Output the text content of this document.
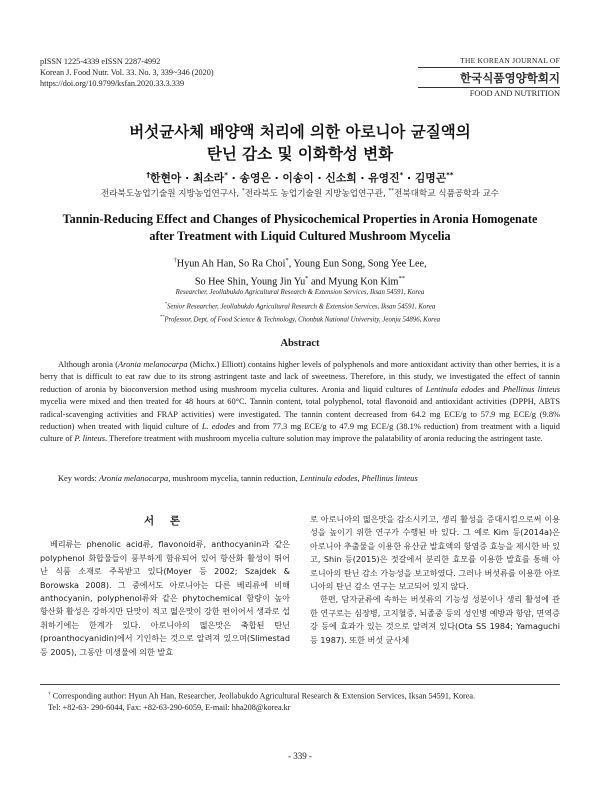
pISSN 1225-4339 eISSN 2287-4992
Korean J. Food Nutr. Vol. 33. No. 3, 339~346 (2020)
https://doi.org/10.9799/ksfan.2020.33.3.339
THE KOREAN JOURNAL OF
한국식품영양학회지
FOOD AND NUTRITION
버섯균사체 배양액 처리에 의한 아로니아 균질액의
탄닌 감소 및 이화학성 변화
†한현아 · 최소라* · 송영은 · 이송이 · 신소희 · 유영진* · 김명곤**
전라북도농업기술원 지방농업연구사, *전라북도 농업기술원 지방농업연구관, **전북대학교 식품공학과 교수
Tannin-Reducing Effect and Changes of Physicochemical Properties in Aronia Homogenate
after Treatment with Liquid Cultured Mushroom Mycelia
†Hyun Ah Han, So Ra Choi*, Young Eun Song, Song Yee Lee,
So Hee Shin, Young Jin Yu* and Myung Kon Kim**
Researcher, Jeollabukdo Agricultural Research & Extension Services, Iksan 54591, Korea
*Senior Researcher, Jeollabukdo Agricultural Research & Extension Services, Iksan 54591, Korea
**Professor, Dept. of Food Science & Technology, Chonbuk National University, Jeonju 54896, Korea
Abstract
Although aronia (Aronia melanocarpa (Michx.) Elliott) contains higher levels of polyphenols and more antioxidant activity than other berries, it is a berry that is difficult to eat raw due to its strong astringent taste and lack of sweetness. Therefore, in this study, we investigated the effect of tannin reduction of aronia by bioconversion method using mushroom mycelia cultures. Aronia and liquid cultures of Lentinula edodes and Phellinus linteus mycelia were mixed and then treated for 48 hours at 60°C. Tannin content, total polyphenol, total flavonoid and antioxidant activities (DPPH, ABTS radical-scavenging activities and FRAP activities) were investigated. The tannin content decreased from 64.2 mg ECE/g to 57.9 mg ECE/g (9.8% reduction) when treated with liquid culture of L. edodes and from 77.3 mg ECE/g to 47.9 mg ECE/g (38.1% reduction) from treatment with a liquid culture of P. linteus. Therefore treatment with mushroom mycelia culture solution may improve the palatability of aronia reducing the astringent taste.
Key words: Aronia melanocarpa, mushroom mycelia, tannin reduction, Lentinula edodes, Phellinus linteus
서 론

베리류는 phenolic acid류, flavonoid류, anthocyanin과 같은 polyphenol 화합물들이 풍부하게 함유되어 있어 항산화 활성이 뛰어난 식품 소재로 주목받고 있다(Moyer 등 2002; Szajdek & Borowska 2008). 그 중에서도 아로니아는 다른 베리류에 비해 anthocyanin, polyphenol류와 같은 phytochemical 함량이 높아 항산화 활성은 강하지만 단맛이 적고 떫은맛이 강한 편이어서 생과로 섭취하기에는 한계가 있다. 아로니아의 떫은맛은 축합된 탄닌(proanthocyanidin)에서 기인하는 것으로 알려져 있으며(Slimestad 등 2005), 그동안 미생물에 의한 발효

로 아로니아의 떫은맛을 감소시키고, 생리 활성을 증대시킴으로써 이용성을 높이기 위한 연구가 수행된 바 있다. 그 예로 Kim 등(2014a)은 아로니아 추출물을 이용한 유산균 발효액의 항염증 효능을 제시한 바 있고, Shin 등(2015)은 젓갈에서 분리한 효모를 이용한 발효를 통해 아로니아의 탄닌 감소 가능성을 보고하였다. 그러나 버섯류를 이용한 아로니아의 탄닌 감소 연구는 보고되어 있지 않다.

한편, 담자균류에 속하는 버섯류의 기능성 성분이나 생리 활성에 관한 연구로는 심장병, 고지혈증, 뇌졸중 등의 성인병 예방과 항암, 면역증강 등에 효과가 있는 것으로 알려져 있다(Ota SS 1984; Yamaguchi 등 1987). 또한 버섯 균사체

† Corresponding author: Hyun Ah Han, Researcher, Jeollabukdo Agricultural Research & Extension Services, Iksan 54591, Korea.
Tel: +82-63- 290-6044, Fax: +82-63-290-6059, E-mail: hha208@korea.kr
- 339 -
